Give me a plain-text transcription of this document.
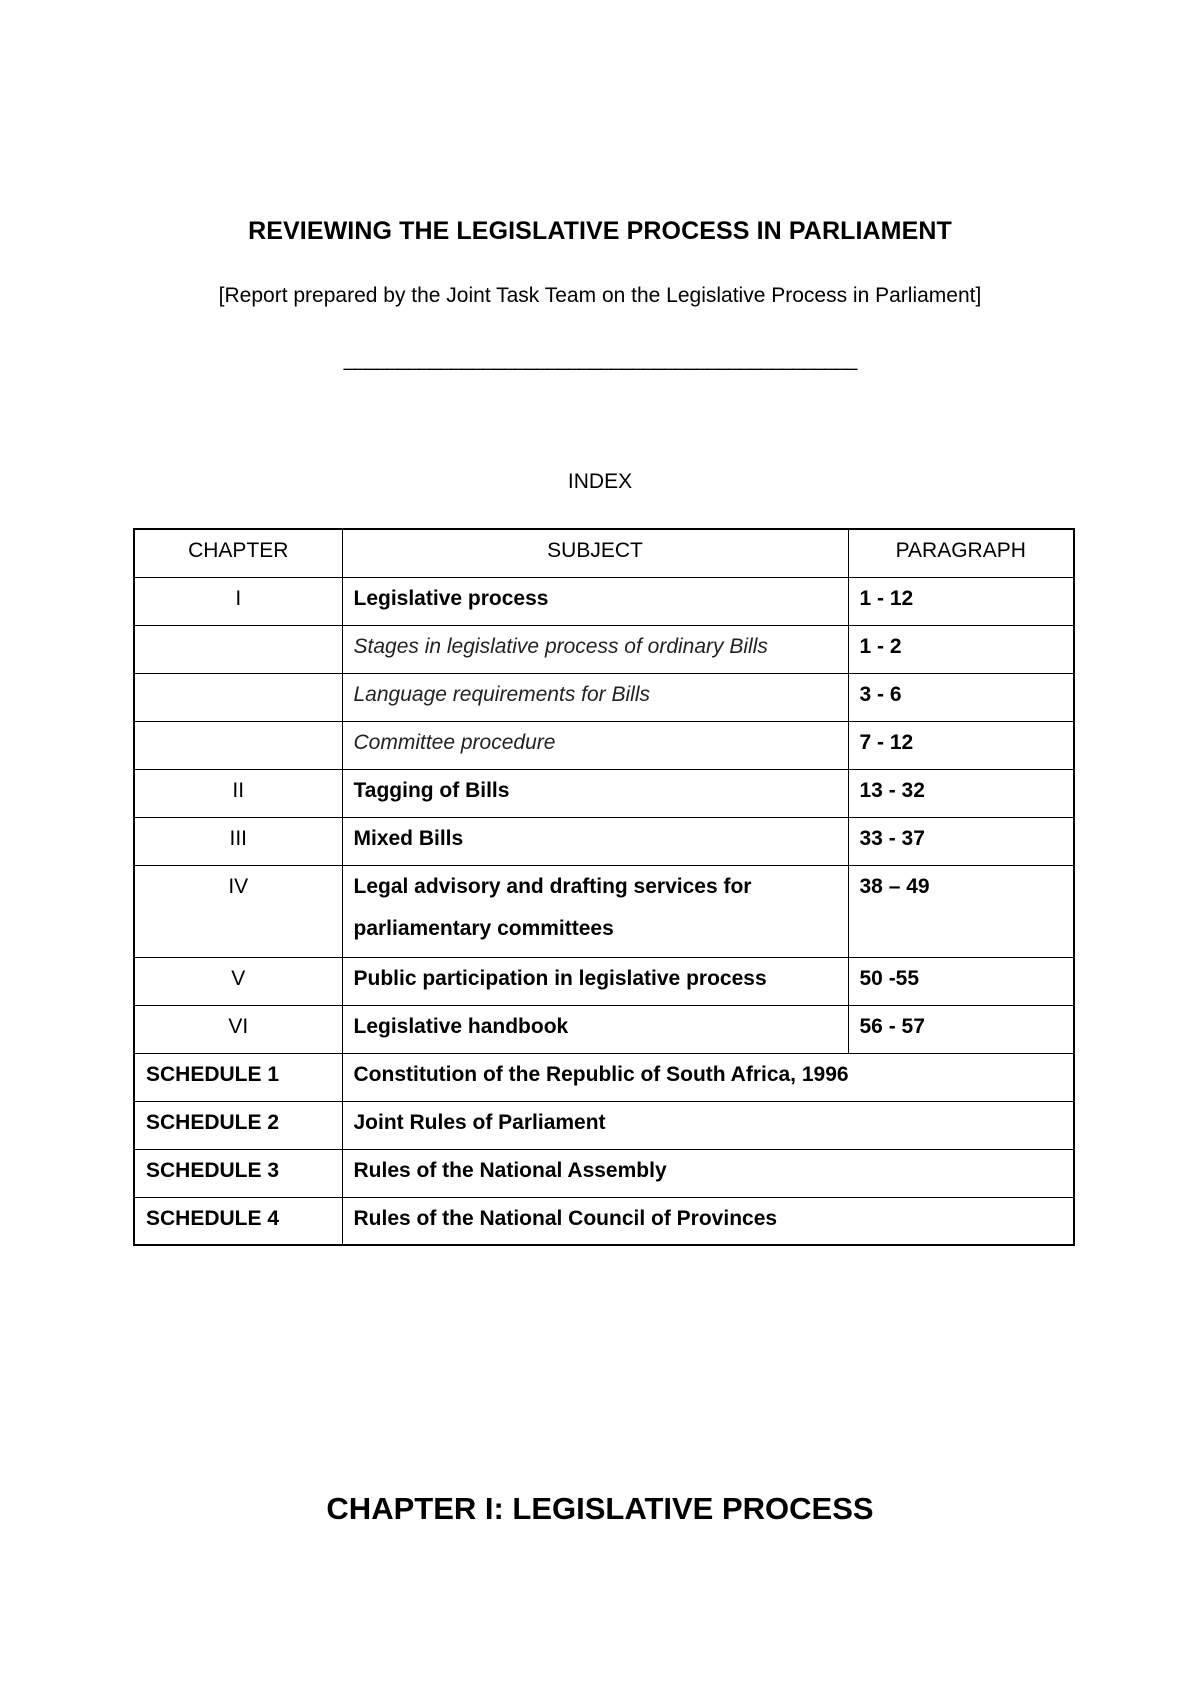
REVIEWING THE LEGISLATIVE PROCESS IN PARLIAMENT
[Report prepared by the Joint Task Team on the Legislative Process in Parliament]
________________________________________________
INDEX
CHAPTER	SUBJECT	PARAGRAPH
I	Legislative process	1 - 12
	Stages in legislative process of ordinary Bills	1 - 2
	Language requirements for Bills	3 - 6
	Committee procedure	7 - 12
II	Tagging of Bills	13 - 32
III	Mixed Bills	33 - 37
IV	Legal advisory and drafting services for parliamentary committees	38 – 49
V	Public participation in legislative process	50 -55
VI	Legislative handbook	56 - 57
SCHEDULE 1	Constitution of the Republic of South Africa, 1996	
SCHEDULE 2	Joint Rules of Parliament	
SCHEDULE 3	Rules of the National Assembly	
SCHEDULE 4	Rules of the National Council of Provinces	
CHAPTER I: LEGISLATIVE PROCESS
